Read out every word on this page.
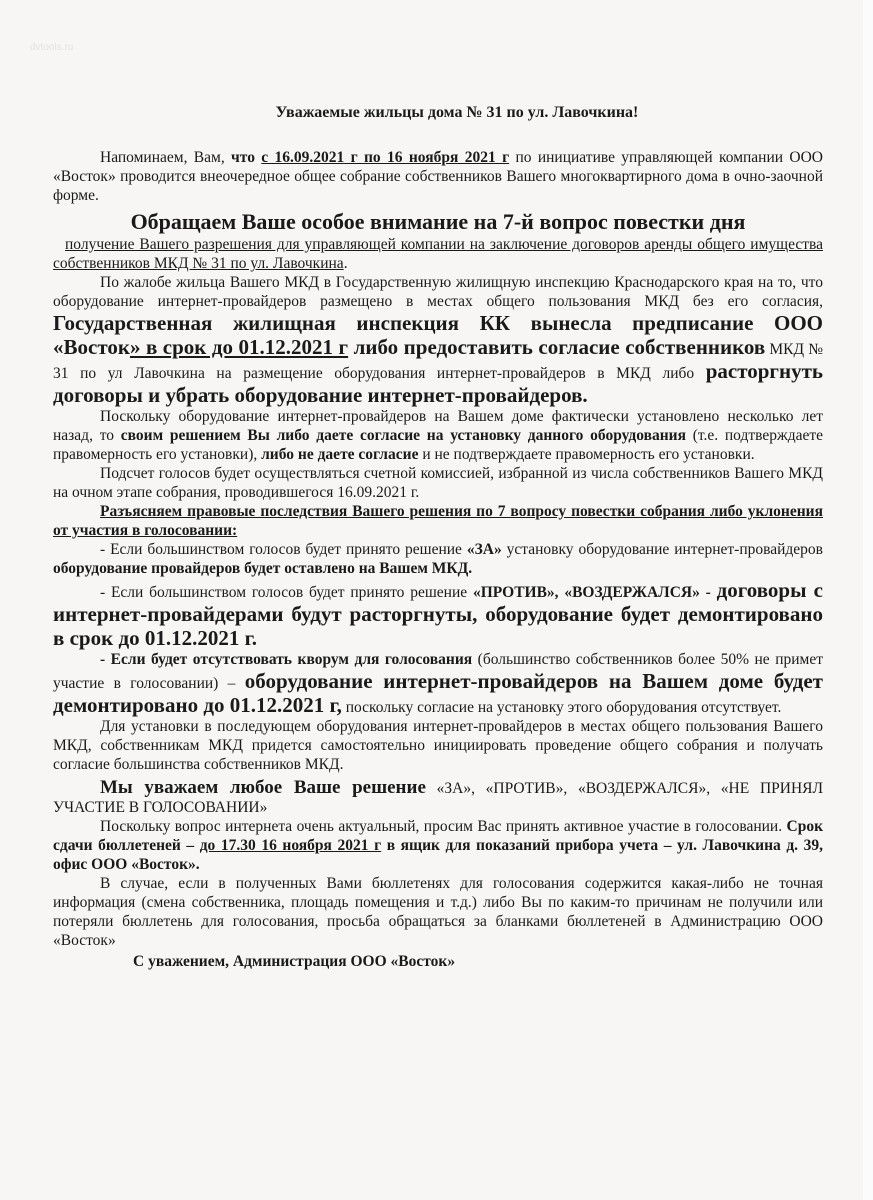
dvtools.ru

Уважаемые жильцы дома № 31 по ул. Лавочкина!

Напоминаем, Вам, что с 16.09.2021 г по 16 ноября 2021 г по инициативе управляющей компании ООО «Восток» проводится внеочередное общее собрание собственников Вашего многоквартирного дома в очно-заочной форме.

Обращаем Ваше особое внимание на 7-й вопрос повестки дня

получение Вашего разрешения для управляющей компании на заключение договоров аренды общего имущества собственников МКД № 31 по ул. Лавочкина.

По жалобе жильца Вашего МКД в Государственную жилищную инспекцию Краснодарского края на то, что оборудование интернет-провайдеров размещено в местах общего пользования МКД без его согласия, Государственная жилищная инспекция КК вынесла предписание ООО «Восток» в срок до 01.12.2021 г либо предоставить согласие собственников МКД № 31 по ул Лавочкина на размещение оборудования интернет-провайдеров в МКД либо расторгнуть договоры и убрать оборудование интернет-провайдеров.

Поскольку оборудование интернет-провайдеров на Вашем доме фактически установлено несколько лет назад, то своим решением Вы либо даете согласие на установку данного оборудования (т.е. подтверждаете правомерность его установки), либо не даете согласие и не подтверждаете правомерность его установки.

Подсчет голосов будет осуществляться счетной комиссией, избранной из числа собственников Вашего МКД на очном этапе собрания, проводившегося 16.09.2021 г.

Разъясняем правовые последствия Вашего решения по 7 вопросу повестки собрания либо уклонения от участия в голосовании:

- Если большинством голосов будет принято решение «ЗА» установку оборудование интернет-провайдеров      оборудование провайдеров будет оставлено на Вашем МКД.

- Если большинством голосов будет принято решение «ПРОТИВ», «ВОЗДЕРЖАЛСЯ» - договоры с интернет-провайдерами будут расторгнуты, оборудование будет демонтировано в срок до 01.12.2021 г.

- Если будет отсутствовать кворум для голосования (большинство собственников более 50% не примет участие в голосовании) – оборудование интернет-провайдеров на Вашем доме будет демонтировано до 01.12.2021 г, поскольку согласие на установку этого оборудования отсутствует.

Для установки в последующем оборудования интернет-провайдеров в местах общего пользования Вашего МКД, собственникам МКД придется самостоятельно инициировать проведение общего собрания и получать согласие большинства собственников МКД.

Мы уважаем любое Ваше решение «ЗА», «ПРОТИВ», «ВОЗДЕРЖАЛСЯ», «НЕ ПРИНЯЛ УЧАСТИЕ В ГОЛОСОВАНИИ»

Поскольку вопрос интернета очень актуальный, просим Вас принять активное участие в голосовании. Срок сдачи бюллетеней – до 17.30 16 ноября 2021 г в ящик для показаний прибора учета – ул. Лавочкина д. 39, офис ООО «Восток».

В случае, если в полученных Вами бюллетенях для голосования содержится какая-либо не точная информация (смена собственника, площадь помещения и т.д.) либо Вы по каким-то причинам не получили или потеряли бюллетень для голосования, просьба обращаться за бланками бюллетеней в Администрацию ООО «Восток»

С уважением, Администрация ООО «Восток»
